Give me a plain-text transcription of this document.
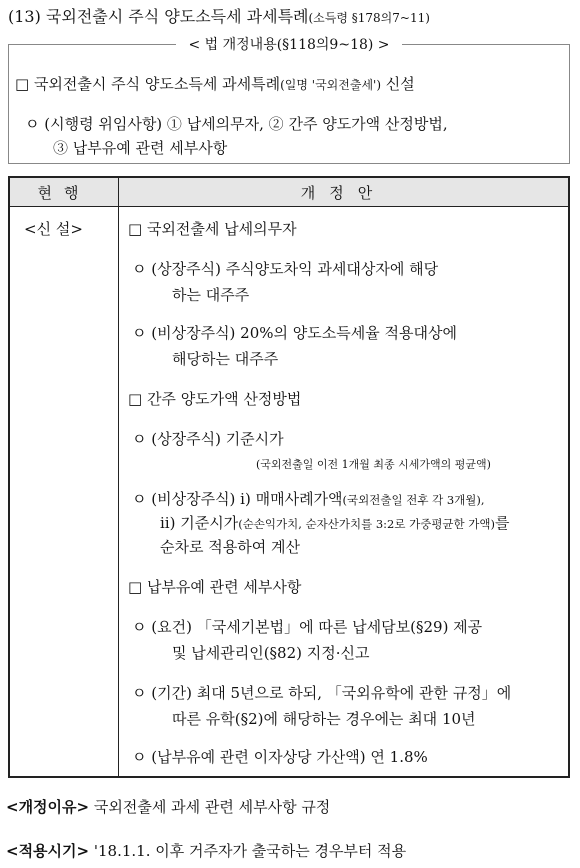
(13) 국외전출시 주식 양도소득세 과세특례(소득령 §178의7~11)
< 법 개정내용(§118의9~18) >
□ 국외전출시 주식 양도소득세 과세특례(일명 '국외전출세') 신설
ㅇ (시행령 위임사항) ① 납세의무자, ② 간주 양도가액 산정방법,
③ 납부유예 관련 세부사항
현행	개정안
<신 설>	□ 국외전출세 납세의무자
ㅇ (상장주식) 주식양도차익 과세대상자에 해당
하는 대주주
ㅇ (비상장주식) 20%의 양도소득세율 적용대상에
해당하는 대주주
□ 간주 양도가액 산정방법
ㅇ (상장주식) 기준시가
(국외전출일 이전 1개월 최종 시세가액의 평균액)
ㅇ (비상장주식) ⅰ) 매매사례가액(국외전출일 전후 각 3개월),
ⅱ) 기준시가(순손익가치, 순자산가치를 3:2로 가중평균한 가액)를
순차로 적용하여 계산
□ 납부유예 관련 세부사항
ㅇ (요건) 「국세기본법」에 따른 납세담보(§29) 제공
및 납세관리인(§82) 지정·신고
ㅇ (기간) 최대 5년으로 하되, 「국외유학에 관한 규정」에
따른 유학(§2)에 해당하는 경우에는 최대 10년
ㅇ (납부유예 관련 이자상당 가산액) 연 1.8%
<개정이유> 국외전출세 과세 관련 세부사항 규정
<적용시기> '18.1.1. 이후 거주자가 출국하는 경우부터 적용
